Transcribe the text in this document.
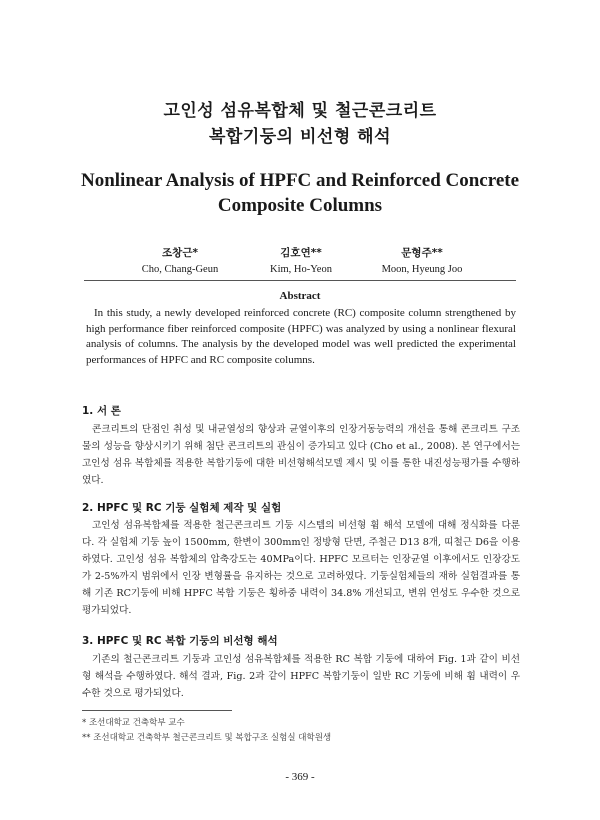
고인성 섬유복합체 및 철근콘크리트
복합기둥의 비선형 해석
Nonlinear Analysis of HPFC and Reinforced Concrete
Composite Columns
조창근*
Cho, Chang-Geun
김호연**
Kim, Ho-Yeon
문형주**
Moon, Hyeung Joo
Abstract
In this study, a newly developed reinforced concrete (RC) composite column strengthened by high performance fiber reinforced composite (HPFC) was analyzed by using a nonlinear flexural analysis of columns. The analysis by the developed model was well predicted the experimental performances of HPFC and RC composite columns.
1. 서 론
콘크리트의 단점인 취성 및 내균열성의 향상과 균열이후의 인장거동능력의 개선을 통해 콘크리트 구조물의 성능을 향상시키기 위해 첨단 콘크리트의 관심이 증가되고 있다 (Cho et al., 2008). 본 연구에서는 고인성 섬유 복합체를 적용한 복합기둥에 대한 비선형해석모델 제시 및 이를 통한 내진성능평가를 수행하였다.
2. HPFC 및 RC 기둥 실험체 제작 및 실험
고인성 섬유복합체를 적용한 철근콘크리트 기둥 시스템의 비선형 휨 해석 모델에 대해 정식화를 다룬다. 각 실험체 기둥 높이 1500mm, 한변이 300mm인 정방형 단면, 주철근 D13 8개, 띠철근 D6을 이용하였다. 고인성 섬유 복합체의 압축강도는 40MPa이다. HPFC 모르터는 인장균열 이후에서도 인장강도가 2-5%까지 범위에서 인장 변형률을 유지하는 것으로 고려하였다. 기둥실험체들의 재하 실험결과를 통해 기존 RC기둥에 비해 HPFC 복합 기둥은 횡하중 내력이 34.8% 개선되고, 변위 연성도 우수한 것으로 평가되었다.
3. HPFC 및 RC 복합 기둥의 비선형 해석
기존의 철근콘크리트 기둥과 고인성 섬유복합체를 적용한 RC 복합 기둥에 대하여 Fig. 1과 같이 비선형 해석을 수행하였다. 해석 결과, Fig. 2과 같이 HPFC 복합기둥이 일반 RC 기둥에 비해 휨 내력이 우수한 것으로 평가되었다.
* 조선대학교 건축학부 교수
** 조선대학교 건축학부 철근콘크리트 및 복합구조 실험실 대학원생
- 369 -
